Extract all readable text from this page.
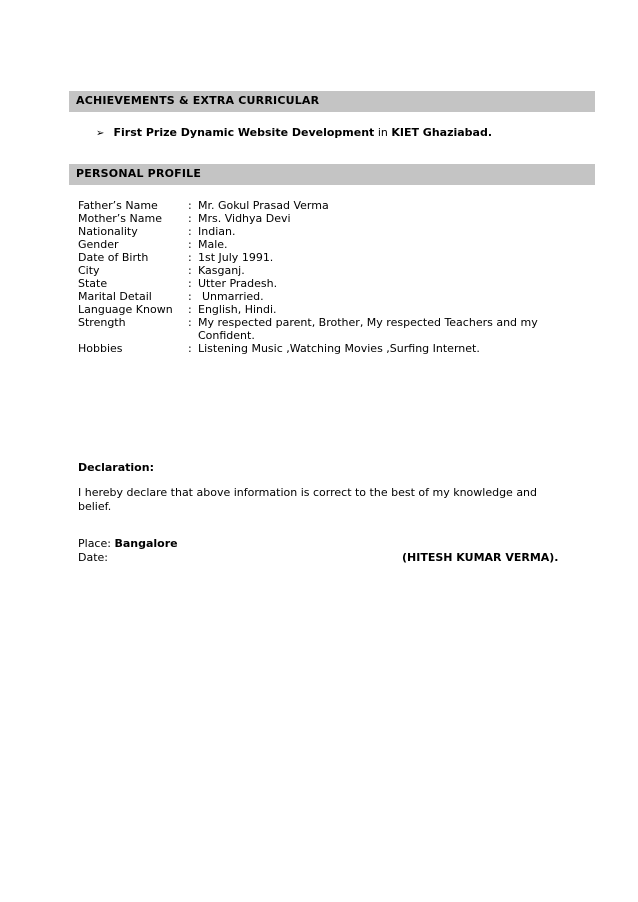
ACHIEVEMENTS & EXTRA CURRICULAR
➢ First Prize Dynamic Website Development in KIET Ghaziabad.
PERSONAL PROFILE
Father’s Name	: Mr. Gokul Prasad Verma
Mother’s Name : Mrs. Vidhya Devi
Nationality	: Indian.
Gender	: Male.
Date of Birth	: 1st July 1991.
City	: Kasganj.
State	: Utter Pradesh.
Marital Detail	: Unmarried.
Language Known : English, Hindi.
Strength	: My respected parent, Brother, My respected Teachers and my
Confident.
Hobbies	: Listening Music ,Watching Movies ,Surfing Internet.
Declaration:
I hereby declare that above information is correct to the best of my knowledge and belief.
Place: Bangalore
Date:	(HITESH KUMAR VERMA).
